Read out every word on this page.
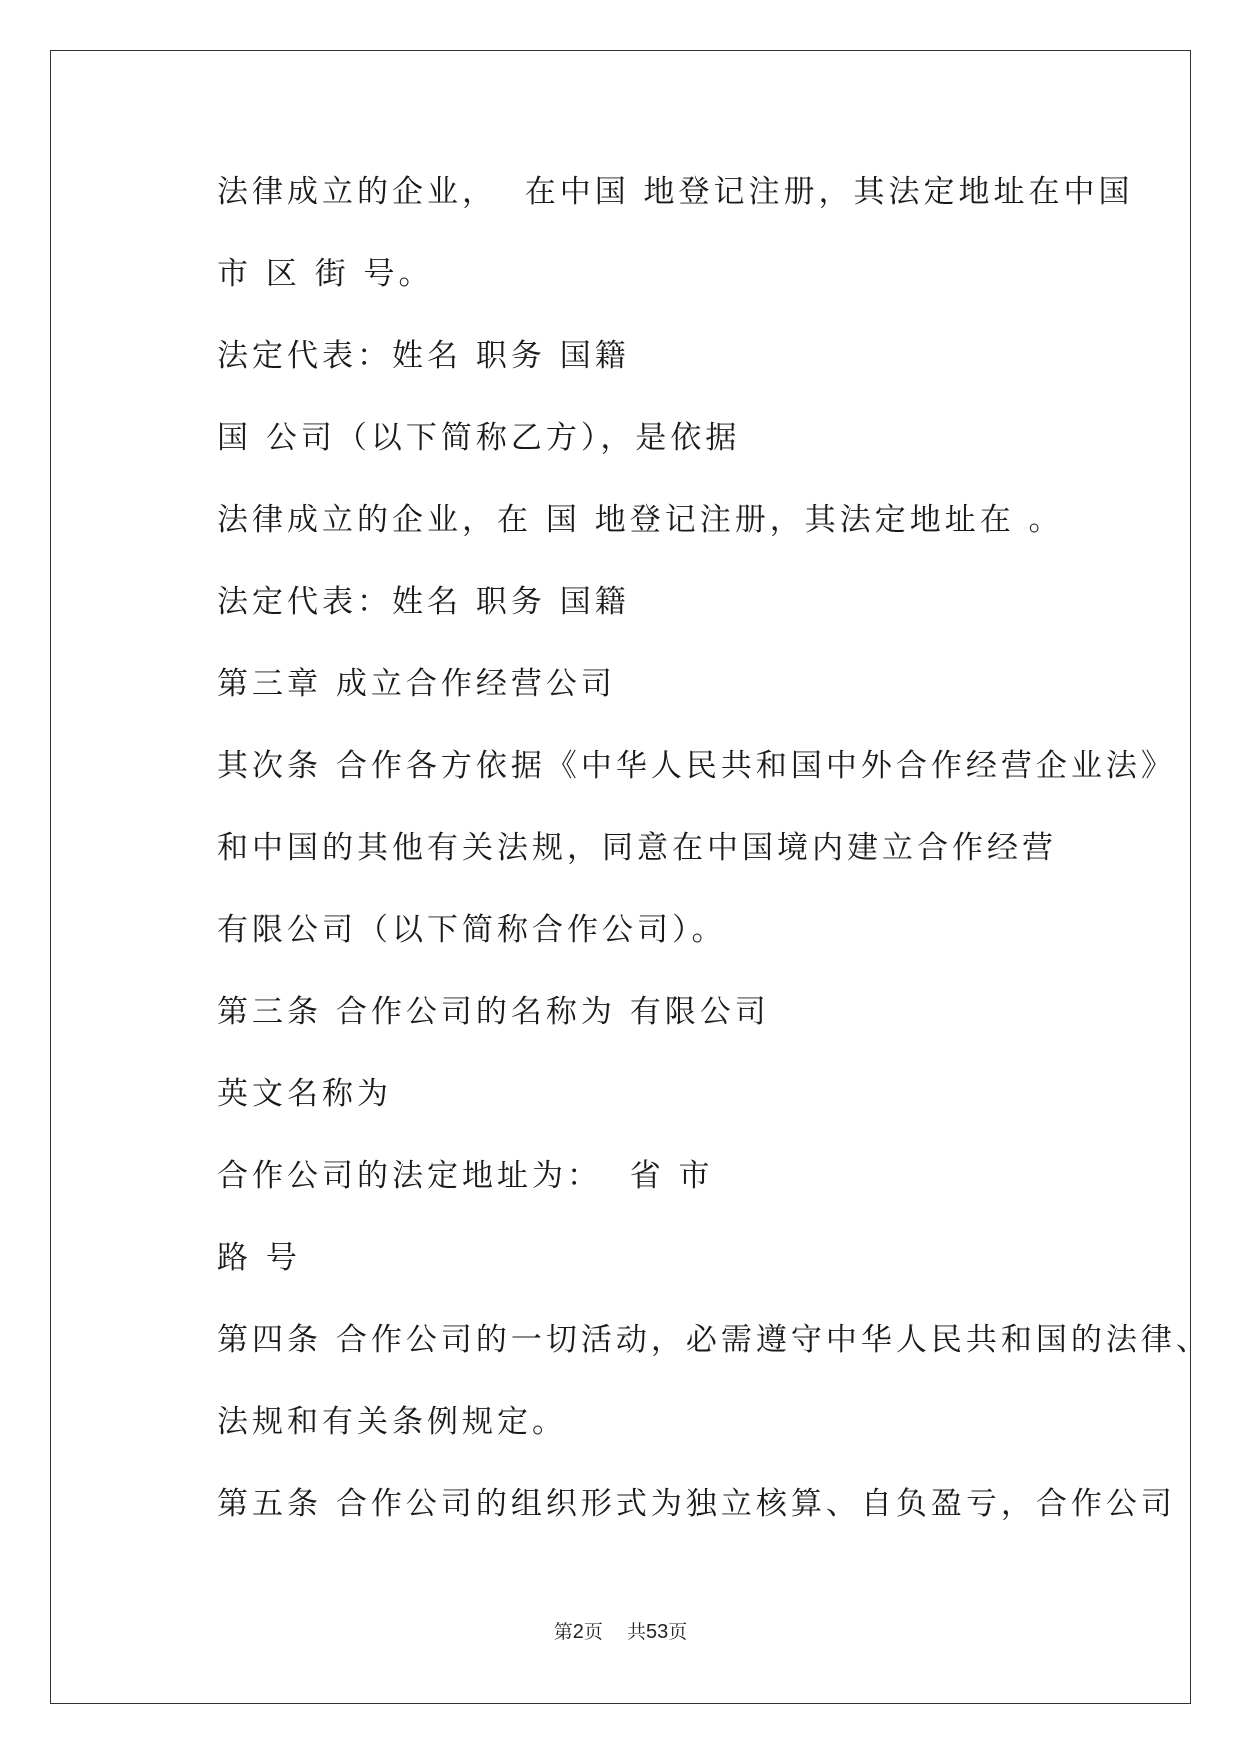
法律成立的企业，  在中国 地登记注册，其法定地址在中国
市 区 街 号。
法定代表：姓名 职务 国籍
国 公司（以下简称乙方），是依据
法律成立的企业，在 国 地登记注册，其法定地址在 。
法定代表：姓名 职务 国籍
第三章 成立合作经营公司
其次条 合作各方依据《中华人民共和国中外合作经营企业法》
和中国的其他有关法规，同意在中国境内建立合作经营
有限公司（以下简称合作公司）。
第三条 合作公司的名称为 有限公司
英文名称为
合作公司的法定地址为：  省 市
路 号
第四条 合作公司的一切活动，必需遵守中华人民共和国的法律、
法规和有关条例规定。
第五条 合作公司的组织形式为独立核算、自负盈亏，合作公司
第2页 共53页
